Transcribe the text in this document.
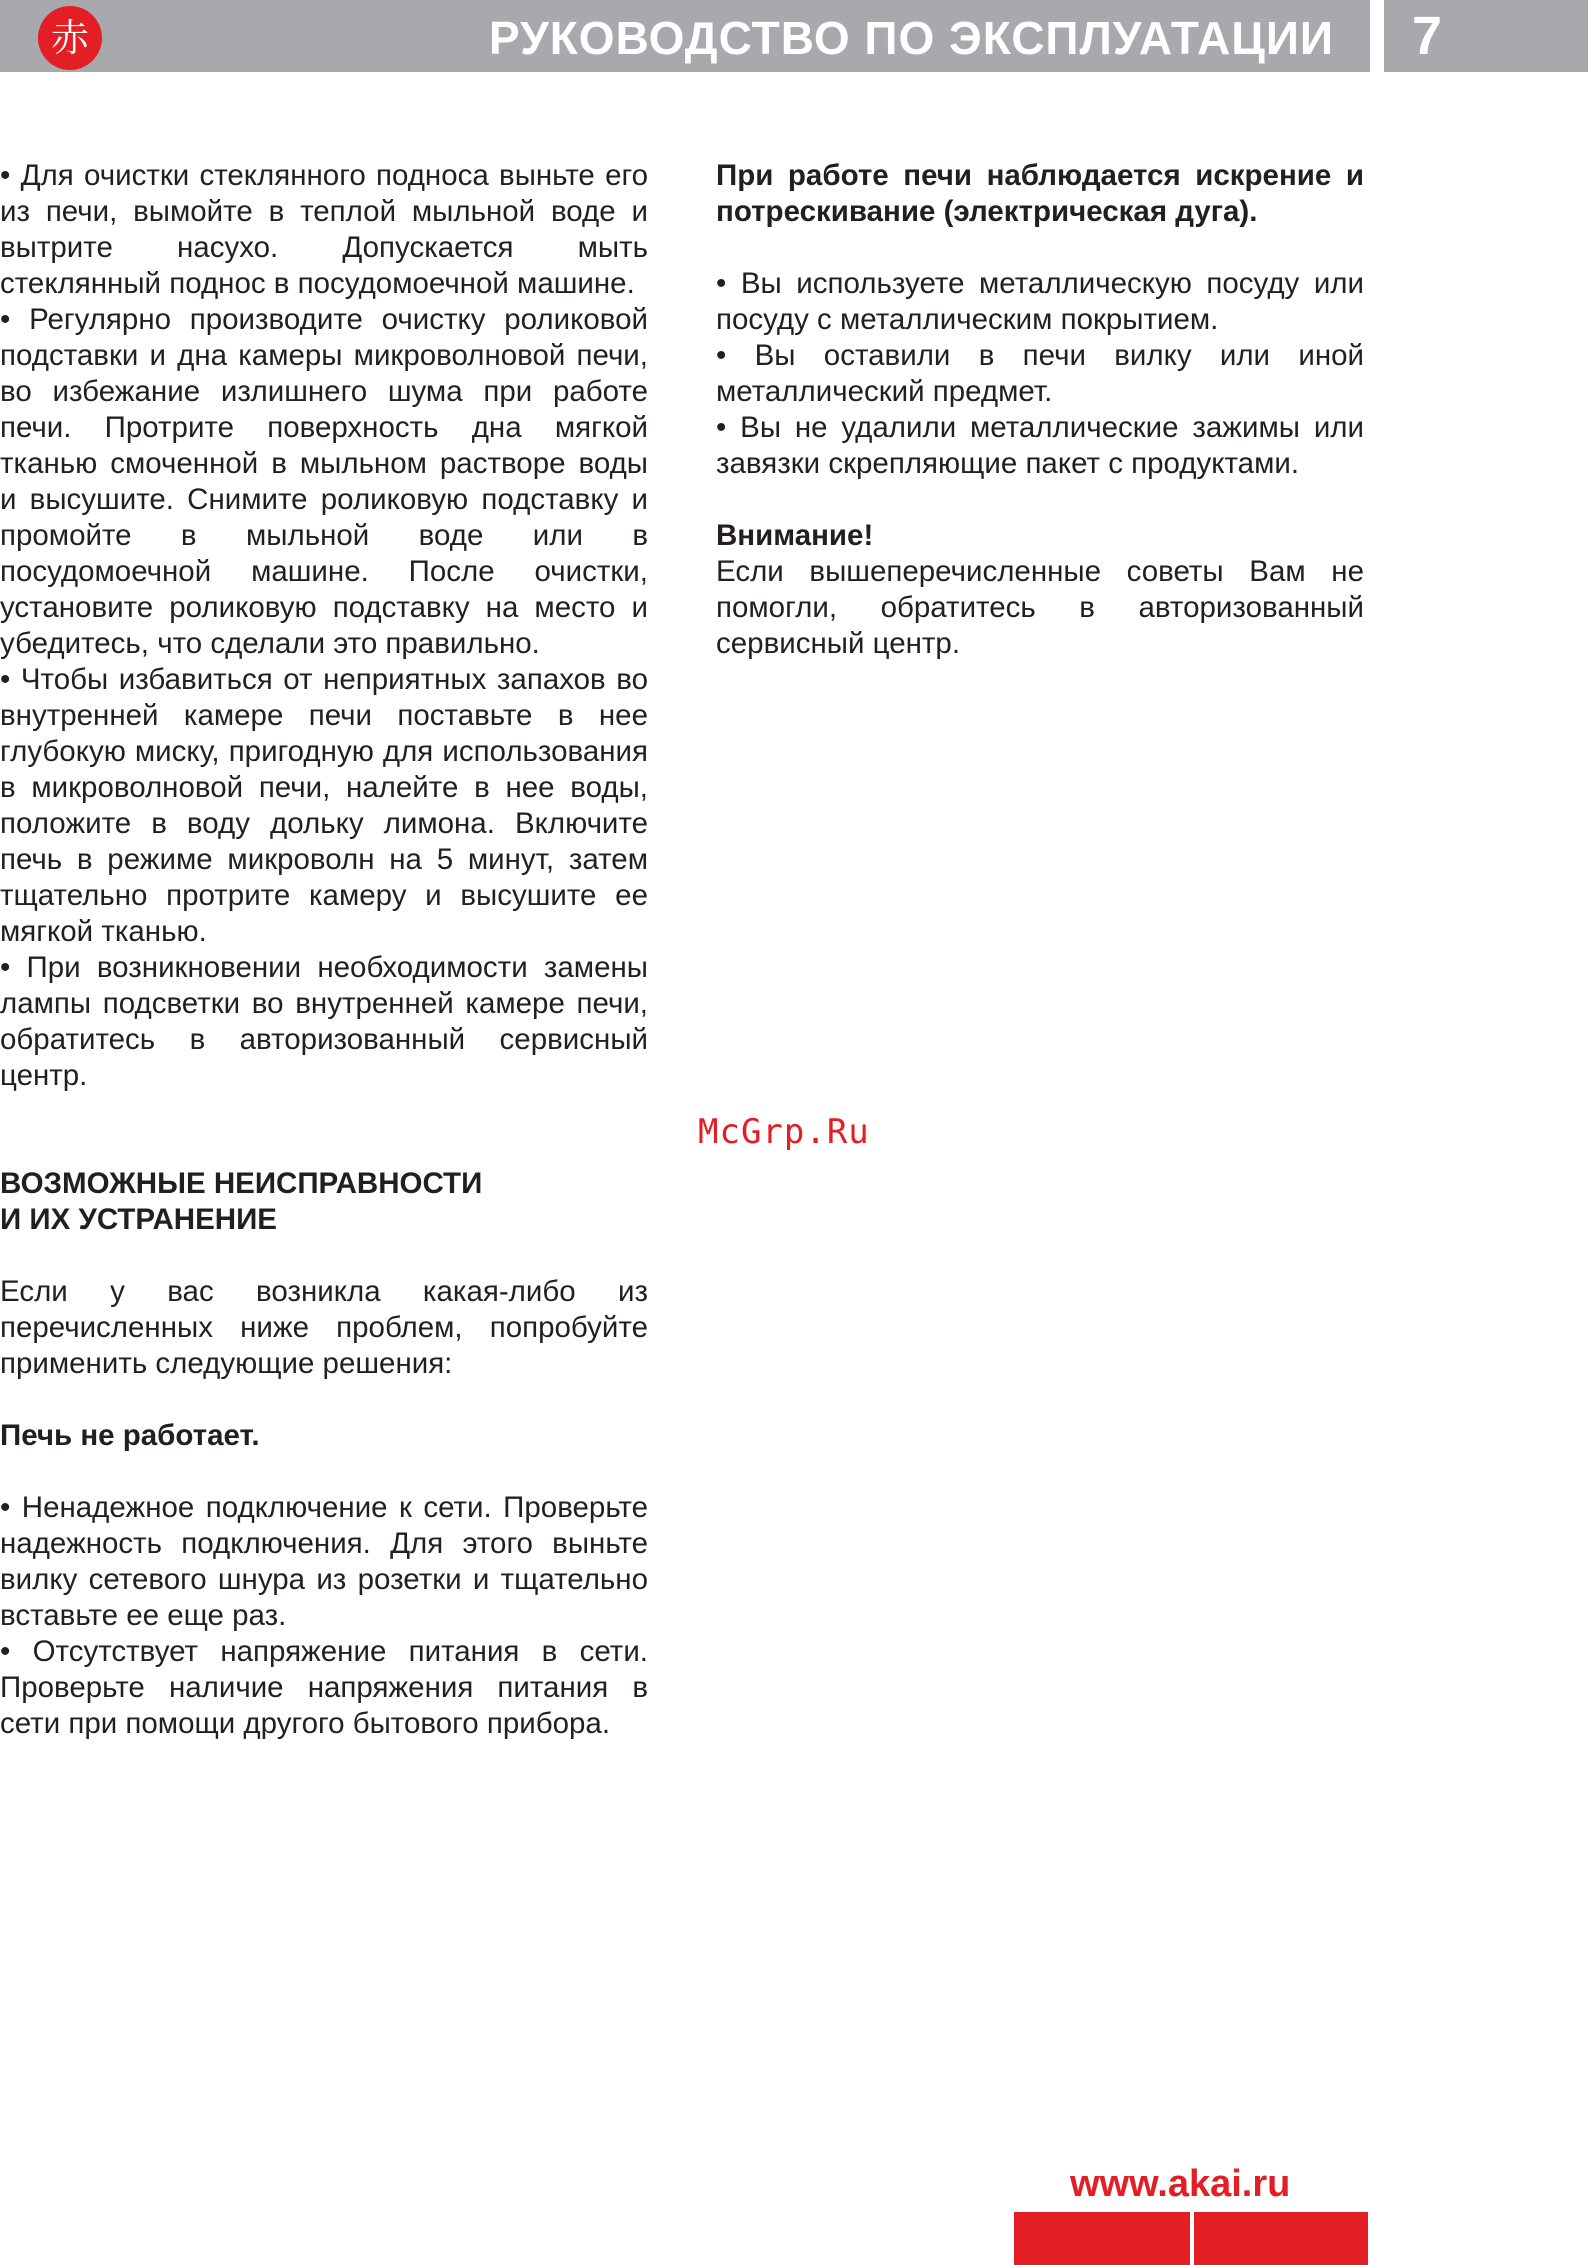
赤	РУКОВОДСТВО ПО ЭКСПЛУАТАЦИИ 7

• Для очистки стеклянного подноса выньте его из печи, вымойте в теплой мыльной воде и вытрите насухо. Допускается мыть стеклянный поднос в посудомоечной машине.

• Регулярно производите очистку роликовой подставки и дна камеры микроволновой печи, во избежание излишнего шума при работе печи. Протрите поверхность дна мягкой тканью смоченной в мыльном растворе воды и высушите. Снимите роликовую подставку и промойте в мыльной воде или в посудомоечной машине. После очистки, установите роликовую подставку на место и убедитесь, что сделали это правильно.

• Чтобы избавиться от неприятных запахов во внутренней камере печи поставьте в нее глубокую миску, пригодную для использования в микроволновой печи, налейте в нее воды, положите в воду дольку лимона. Включите печь в режиме микроволн на 5 минут, затем тщательно протрите камеру и высушите ее мягкой тканью.

• При возникновении необходимости замены лампы подсветки во внутренней камере печи, обратитесь в авторизованный сервисный центр.

ВОЗМОЖНЫЕ НЕИСПРАВНОСТИ

И ИХ УСТРАНЕНИЕ

Если у вас возникла какая-либо из перечисленных ниже проблем, попробуйте применить следующие решения:

Печь не работает.

• Ненадежное подключение к сети. Проверьте надежность подключения. Для этого выньте вилку сетевого шнура из розетки и тщательно вставьте ее еще раз.

• Отсутствует напряжение питания в сети. Проверьте наличие напряжения питания в сети при помощи другого бытового прибора.

При работе печи наблюдается искрение и потрескивание (электрическая дуга).

• Вы используете металлическую посуду или посуду с металлическим покрытием.

• Вы оставили в печи вилку или иной металлический предмет.

• Вы не удалили металлические зажимы или завязки скрепляющие пакет с продуктами.

Внимание!

Если вышеперечисленные советы Вам не помогли, обратитесь в авторизованный сервисный центр.

McGrp.Ru
www.akai.ru
